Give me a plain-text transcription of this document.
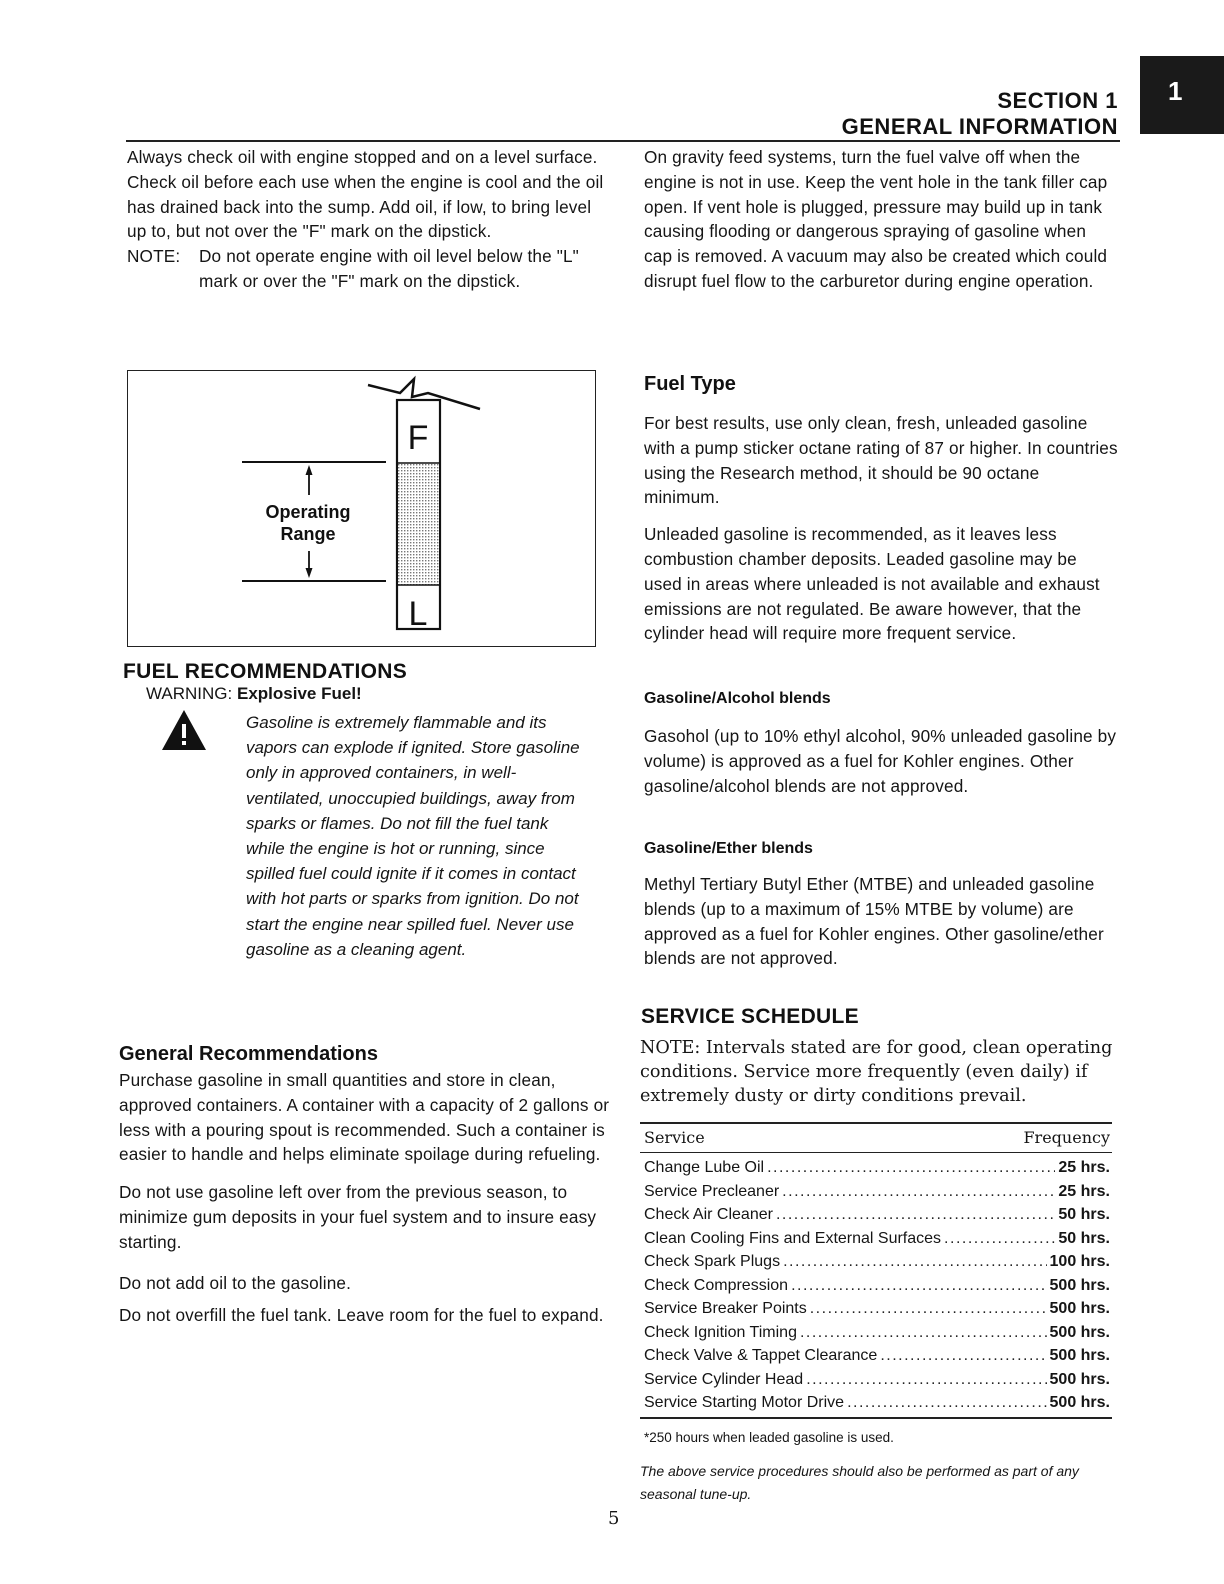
1
SECTION 1
GENERAL INFORMATION

Always check oil with engine stopped and on a level surface.

Check oil before each use when the engine is cool and the oil has drained back into the sump. Add oil, if low, to bring level up to, but not over the "F" mark on the dipstick.

NOTE:	Do not operate engine with oil level below the "L" mark or over the "F" mark on the dipstick.
F
L
Operating
Range
FUEL RECOMMENDATIONS
WARNING: Explosive Fuel!
Gasoline is extremely flammable and its vapors can explode if ignited. Store gasoline only in approved containers, in well-ventilated, unoccupied buildings, away from sparks or flames. Do not fill the fuel tank while the engine is hot or running, since spilled fuel could ignite if it comes in contact with hot parts or sparks from ignition. Do not start the engine near spilled fuel. Never use gasoline as a cleaning agent.
General Recommendations

Purchase gasoline in small quantities and store in clean, approved containers. A container with a capacity of 2 gallons or less with a pouring spout is recommended. Such a container is easier to handle and helps eliminate spoilage during refueling.

Do not use gasoline left over from the previous season, to minimize gum deposits in your fuel system and to insure easy starting.

Do not add oil to the gasoline.

Do not overfill the fuel tank. Leave room for the fuel to expand.

On gravity feed systems, turn the fuel valve off when the engine is not in use. Keep the vent hole in the tank filler cap open. If vent hole is plugged, pressure may build up in tank causing flooding or dangerous spraying of gasoline when cap is removed. A vacuum may also be created which could disrupt fuel flow to the carburetor during engine operation.

Fuel Type

For best results, use only clean, fresh, unleaded gasoline with a pump sticker octane rating of 87 or higher. In countries using the Research method, it should be 90 octane minimum.

Unleaded gasoline is recommended, as it leaves less combustion chamber deposits. Leaded gasoline may be used in areas where unleaded is not available and exhaust emissions are not regulated. Be aware however, that the cylinder head will require more frequent service.

Gasoline/Alcohol blends

Gasohol (up to 10% ethyl alcohol, 90% unleaded gasoline by volume) is approved as a fuel for Kohler engines. Other gasoline/alcohol blends are not approved.

Gasoline/Ether blends

Methyl Tertiary Butyl Ether (MTBE) and unleaded gasoline blends (up to a maximum of 15% MTBE by volume) are approved as a fuel for Kohler engines. Other gasoline/ether blends are not approved.

SERVICE SCHEDULE
NOTE: Intervals stated are for good, clean operating conditions. Service more frequently (even daily) if extremely dusty or dirty conditions prevail.
Service	Frequency
Change Lube Oil .....	25 hrs.
Service Precleaner .....	25 hrs.
Check Air Cleaner .....	50 hrs.
Clean Cooling Fins and External Surfaces .....	50 hrs.
Check Spark Plugs .....	100 hrs.
Check Compression .....	500 hrs.
Service Breaker Points .....	500 hrs.
Check Ignition Timing .....	500 hrs.
Check Valve & Tappet Clearance .....	500 hrs.
Service Cylinder Head .....	500 hrs.
Service Starting Motor Drive .....	500 hrs.
*250 hours when leaded gasoline is used.
The above service procedures should also be performed as part of any seasonal tune-up.
5
